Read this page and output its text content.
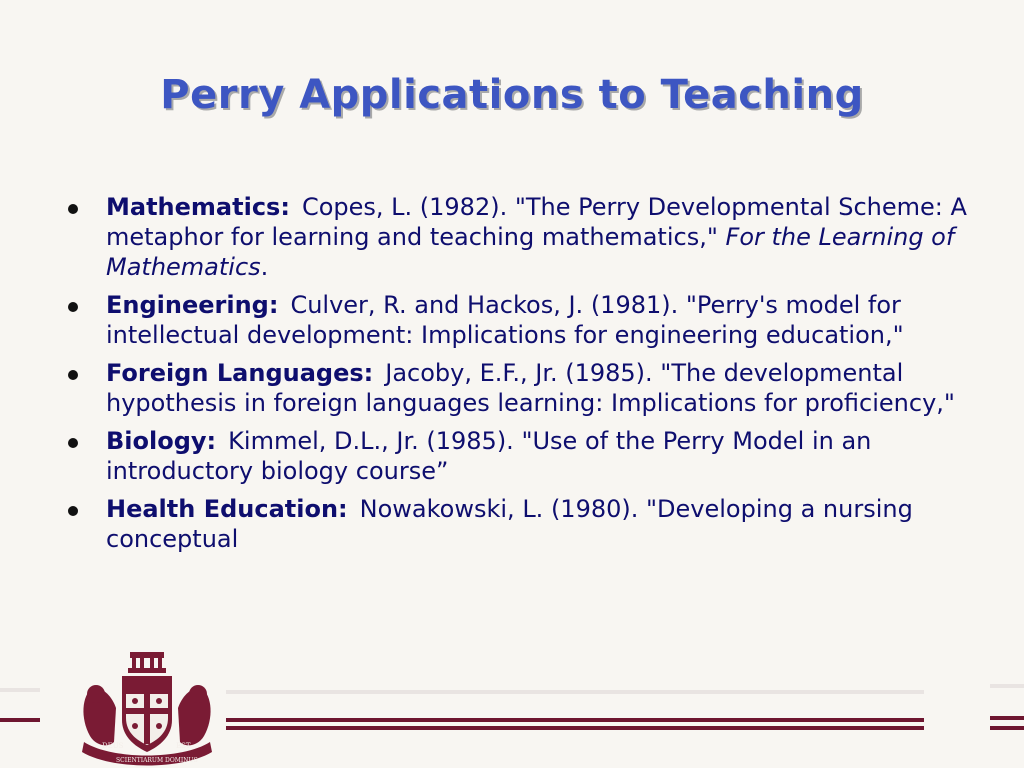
Perry Applications to Teaching
Mathematics: Copes, L. (1982). "The Perry Developmental Scheme: A metaphor for learning and teaching mathematics," For the Learning of Mathematics.
Engineering: Culver, R. and Hackos, J. (1981). "Perry's model for intellectual development: Implications for engineering education,"
Foreign Languages: Jacoby, E.F., Jr. (1985). "The developmental hypothesis in foreign languages learning: Implications for proficiency,"
Biology: Kimmel, D.L., Jr. (1985). "Use of the Perry Model in an introductory biology course”
Health Education: Nowakowski, L. (1980). "Developing a nursing conceptual
DEUS	EST
SCIENTIARUM DOMINUS
